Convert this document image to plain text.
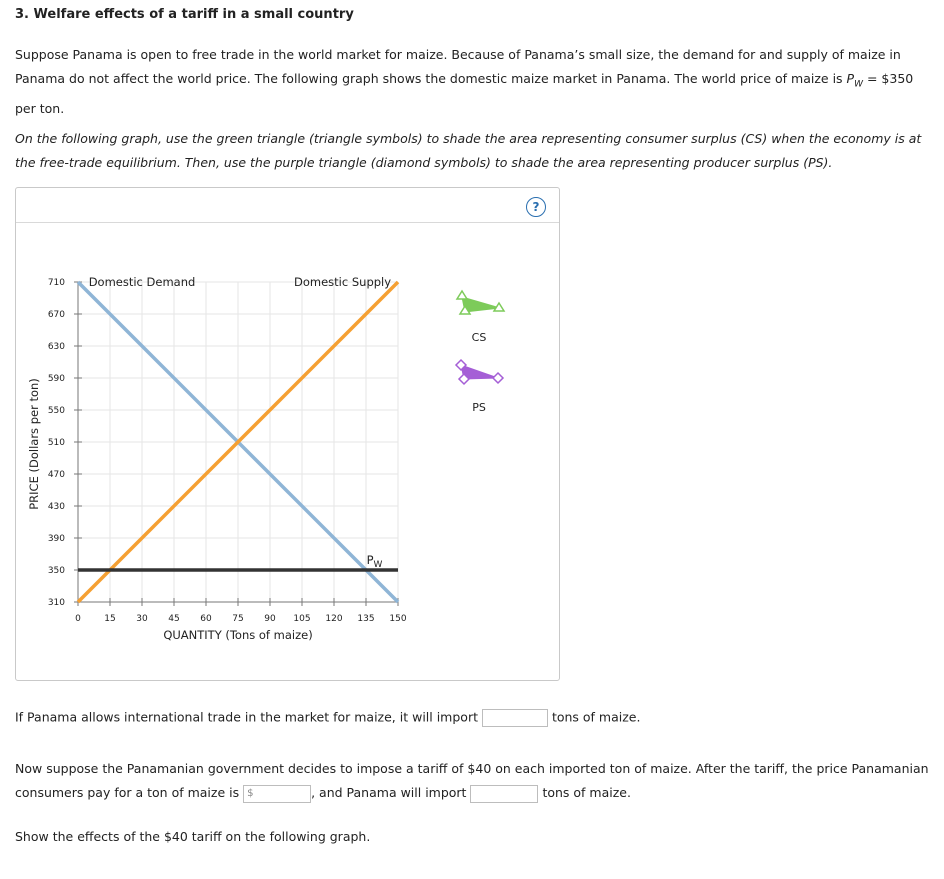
3. Welfare effects of a tariff in a small country
Suppose Panama is open to free trade in the world market for maize. Because of Panama’s small size, the demand for and supply of maize in Panama do not affect the world price. The following graph shows the domestic maize market in Panama. The world price of maize is $P_W$ = $350 per ton.
On the following graph, use the green triangle (triangle symbols) to shade the area representing consumer surplus (CS) when the economy is at the free-trade equilibrium. Then, use the purple triangle (diamond symbols) to shade the area representing producer surplus (PS).
?
310
350
390
430
470
510
550
590
630
670
710
0	15 30 45 60 75 90 105 120 135 150
QUANTITY (Tons of maize)
PRICE (Dollars per ton)
Domestic Demand	Domestic Supply
$P_W$
CS
PS
If Panama allows international trade in the market for maize, it will import	tons of maize.
Now suppose the Panamanian government decides to impose a tariff of $40 on each imported ton of maize. After the tariff, the price Panamanian
consumers pay for a ton of maize is $	, and Panama will import	tons of maize.
Show the effects of the $40 tariff on the following graph.
